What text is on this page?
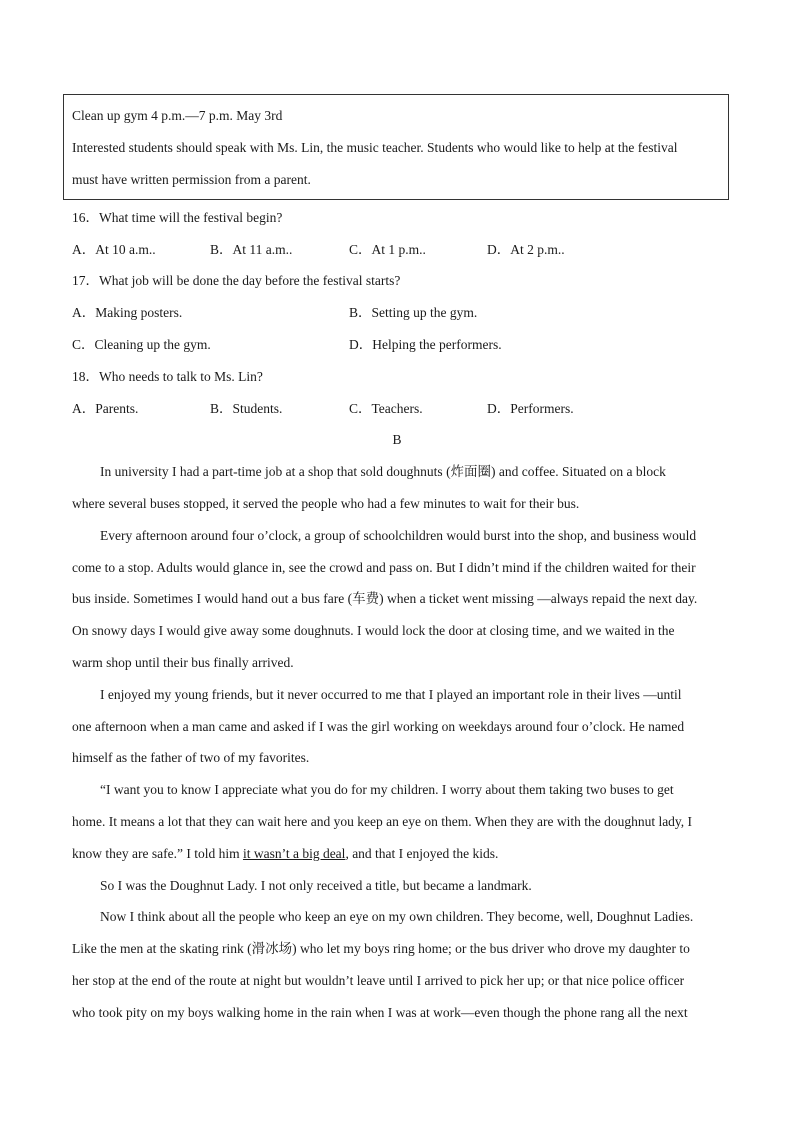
Clean up gym 4 p.m.—7 p.m. May 3rd
Interested students should speak with Ms. Lin, the music teacher. Students who would like to help at the festival
must have written permission from a parent.
16．What time will the festival begin?
A．At 10 a.m..	B．At 11 a.m..	C．At 1 p.m..	D．At 2 p.m..
17．What job will be done the day before the festival starts?
A．Making posters.	B．Setting up the gym.
C．Cleaning up the gym.	D．Helping the performers.
18．Who needs to talk to Ms. Lin?
A．Parents.	B．Students.	C．Teachers.	D．Performers.
B
In university I had a part-time job at a shop that sold doughnuts (炸面圈) and coffee. Situated on a block
where several buses stopped, it served the people who had a few minutes to wait for their bus.
Every afternoon around four o’clock, a group of schoolchildren would burst into the shop, and business would
come to a stop. Adults would glance in, see the crowd and pass on. But I didn’t mind if the children waited for their
bus inside. Sometimes I would hand out a bus fare (车费) when a ticket went missing —always repaid the next day.
On snowy days I would give away some doughnuts. I would lock the door at closing time, and we waited in the
warm shop until their bus finally arrived.
I enjoyed my young friends, but it never occurred to me that I played an important role in their lives —until
one afternoon when a man came and asked if I was the girl working on weekdays around four o’clock. He named
himself as the father of two of my favorites.
“I want you to know I appreciate what you do for my children. I worry about them taking two buses to get
home. It means a lot that they can wait here and you keep an eye on them. When they are with the doughnut lady, I
know they are safe.” I told him it wasn’t a big deal, and that I enjoyed the kids.
So I was the Doughnut Lady. I not only received a title, but became a landmark.
Now I think about all the people who keep an eye on my own children. They become, well, Doughnut Ladies.
Like the men at the skating rink (滑冰场) who let my boys ring home; or the bus driver who drove my daughter to
her stop at the end of the route at night but wouldn’t leave until I arrived to pick her up; or that nice police officer
who took pity on my boys walking home in the rain when I was at work—even though the phone rang all the next
